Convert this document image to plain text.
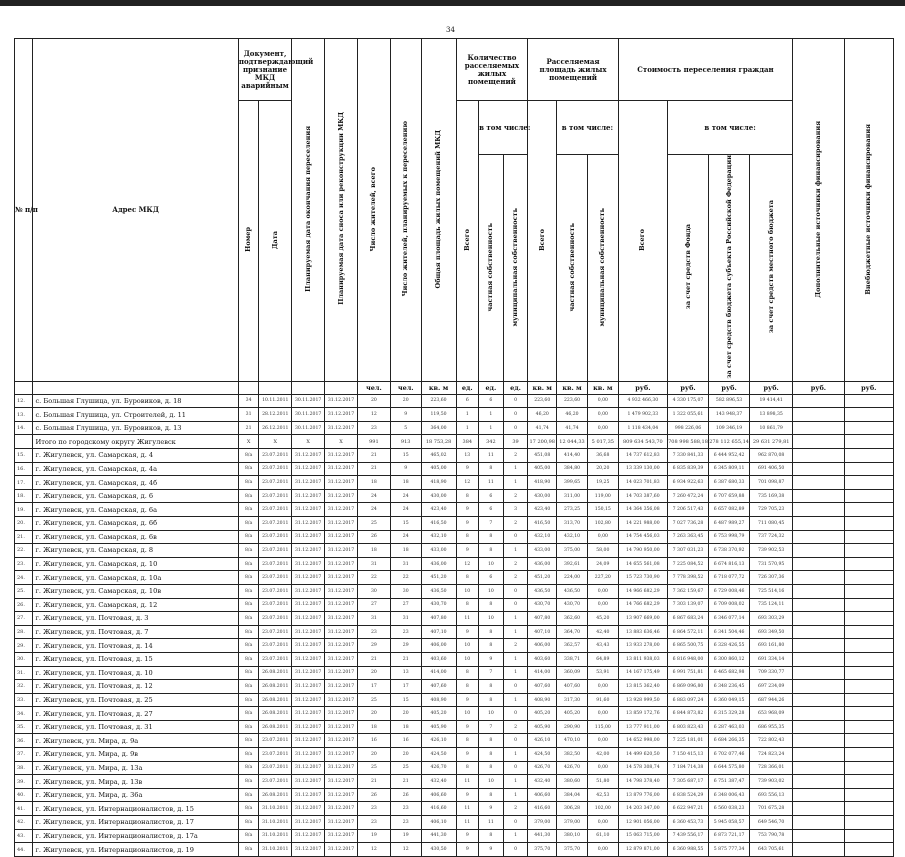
34
№ п/п	Адрес МКД	Документ, подтверждающий признание МКД аварийным		Планируемая дата окончания переселения	Планируемая дата сноса или реконструкции МКД	Число жителей, всего	Число жителей, планируемых к переселению	Общая площадь жилых помещений МКД	Количество расселяемых жилых помещений			Расселяемая площадь жилых помещений			Стоимость переселения граждан				Дополнительные источники финансирования	Внебюджетные источники финансирования
		Номер	Дата						Всего	в том числе:		Всего	в том числе:		Всего	в том числе:				
										частная собственность	муниципальная собственность		частная собственность	муниципальная собственность		за счет средств Фонда	за счет средств бюджета субъекта Российской Федерации	за счет средств местного бюджета		
						чел.	чел.	кв. м	ед.	ед.	ед.	кв. м	кв. м	кв. м	руб.	руб.	руб.	руб.	руб.	руб.
12.	с. Большая Глушица, ул. Буровиков, д. 18	34	10.11.2011	30.11.2017	31.12.2017	20	20	223,60	6	6	0	223,60	223,60	0,00	4 932 466,30	4 330 175,07	582 896,53	19 414,41		
13.	с. Большая Глушица, ул. Строителей, д. 11	31	28.12.2011	30.11.2017	31.12.2017	12	9	119,50	1	1	0	46,20	46,20	0,00	1 479 902,33	1 322 055,61	143 948,37	13 898,35		
14.	с. Большая Глушица, ул. Буровиков, д. 13	21	26.12.2011	30.11.2017	31.12.2017	23	5	364,00	1	1	0	41,74	41,74	0,00	1 118 434,04	998 226,06	109 346,19	10 861,79		
	Итого по городскому округу Жигулевск	X	X	X	X	991	913	18 753,28	384	342	39	17 200,98	12 044,33	5 017,35	809 634 543,70	708 998 588,18	278 112 655,14	29 631 279,81		
15.	г. Жигулевск, ул. Самарская, д. 4	8/a	23.07.2011	31.12.2017	31.12.2017	21	15	465,02	13	11	2	451,08	414,40	36,68	14 737 612,83	7 330 841,33	6 444 952,42	962 870,08		
16.	г. Жигулевск, ул. Самарская, д. 4а	8/a	23.07.2011	31.12.2017	31.12.2017	21	9	405,00	9	8	1	405,00	384,80	20,20	13 339 130,00	6 835 839,39	6 345 809,11	691 406,50		
17.	г. Жигулевск, ул. Самарская, д. 4б	8/a	23.07.2011	31.12.2017	31.12.2017	18	18	418,90	12	11	1	418,90	399,65	19,25	14 023 701,83	6 934 922,63	6 387 680,33	701 098,87		
18.	г. Жигулевск, ул. Самарская, д. 6	8/a	23.07.2011	31.12.2017	31.12.2017	24	24	430,00	8	6	2	430,00	311,00	119,00	14 703 387,60	7 260 472,24	6 707 659,88	735 169,38		
19.	г. Жигулевск, ул. Самарская, д. 6а	8/a	23.07.2011	31.12.2017	31.12.2017	24	24	423,40	9	6	3	423,40	273,25	150,15	14 364 356,08	7 206 517,43	6 657 082,89	729 705,23		
20.	г. Жигулевск, ул. Самарская, д. 6б	8/a	23.07.2011	31.12.2017	31.12.2017	25	15	416,50	9	7	2	416,50	313,70	102,80	14 221 988,00	7 027 736,28	6 487 989,27	711 080,45		
21.	г. Жигулевск, ул. Самарская, д. 6в	8/a	23.07.2011	31.12.2017	31.12.2017	26	24	432,10	8	8	0	432,10	432,10	0,00	14 754 456,03	7 263 363,45	6 753 998,79	737 724,32		
22.	г. Жигулевск, ул. Самарская, д. 8	8/a	23.07.2011	31.12.2017	31.12.2017	18	18	433,00	9	8	1	433,00	375,00	58,00	14 790 950,00	7 307 031,23	6 738 370,92	739 902,53		
23.	г. Жигулевск, ул. Самарская, д. 10	8/a	23.07.2011	31.12.2017	31.12.2017	31	31	436,00	12	10	2	436,00	392,61	24,09	14 655 561,08	7 225 084,52	6 674 816,13	731 570,95		
24.	г. Жигулевск, ул. Самарская, д. 10а	8/a	23.07.2011	31.12.2017	31.12.2017	22	22	451,20	8	6	2	451,20	224,00	227,20	15 723 730,90	7 778 398,52	6 718 077,72	726 307,36		
25.	г. Жигулевск, ул. Самарская, д. 10в	8/a	23.07.2011	31.12.2017	31.12.2017	30	30	436,50	10	10	0	436,50	436,50	0,00	14 966 682,29	7 362 159,67	6 729 008,46	725 514,16		
26.	г. Жигулевск, ул. Самарская, д. 12	8/a	23.07.2011	31.12.2017	31.12.2017	27	27	430,70	8	8	0	430,70	430,70	0,00	14 766 682,29	7 303 139,07	6 709 008,02	735 124,11		
27.	г. Жигулевск, ул. Почтовая, д. 3	8/a	23.07.2011	31.12.2017	31.12.2017	31	31	407,80	11	10	1	407,80	362,60	45,20	13 907 669,00	6 867 683,24	6 346 077,14	693 303,29		
28.	г. Жигулевск, ул. Почтовая, д. 7	8/a	23.07.2011	31.12.2017	31.12.2017	23	23	407,10	9	8	1	407,10	364,70	42,40	13 883 636,46	6 864 572,11	6 341 504,46	693 349,50		
29.	г. Жигулевск, ул. Почтовая, д. 14	8/a	23.07.2011	31.12.2017	31.12.2017	29	29	406,00	10	8	2	406,00	362,57	43,43	13 933 278,00	6 865 500,75	6 328 426,55	693 161,80		
30.	г. Жигулевск, ул. Почтовая, д. 15	8/a	23.07.2011	31.12.2017	31.12.2017	21	21	403,60	10	9	1	403,60	338,71	64,89	13 811 938,03	6 816 948,00	6 300 860,12	691 334,14		
31.	г. Жигулевск, ул. Почтовая, д. 10	8/a	26.08.2011	31.12.2017	31.12.2017	20	13	414,00	8	7	1	414,00	360,09	53,91	14 167 175,49	6 991 751,81	6 465 682,98	709 330,77		
32.	г. Жигулевск, ул. Почтовая, д. 12	8/a	26.08.2011	31.12.2017	31.12.2017	17	17	407,60	8	8	0	407,60	407,60	0,00	13 815 362,40	6 869 096,80	6 348 236,45	697 234,09		
33.	г. Жигулевск, ул. Почтовая, д. 25	8/a	26.08.2011	31.12.2017	31.12.2017	25	15	408,90	9	8	1	408,90	317,30	91,60	13 928 999,50	6 883 097,24	6 360 049,15	687 944,26		
34.	г. Жигулевск, ул. Почтовая, д. 27	8/a	26.08.2011	31.12.2017	31.12.2017	20	20	405,20	10	10	0	405,20	405,20	0,00	13 859 172,76	6 844 873,82	6 315 329,28	653 968,09		
35.	г. Жигулевск, ул. Почтовая, д. 31	8/a	26.08.2011	31.12.2017	31.12.2017	18	18	405,90	9	7	2	405,90	290,90	115,00	13 777 911,00	6 803 823,43	6 287 463,03	686 955,35		
36.	г. Жигулевск, ул. Мира, д. 9а	8/a	23.07.2011	31.12.2017	31.12.2017	16	16	426,10	8	8	0	426,10	470,10	0,00	14 652 998,00	7 225 181,01	6 684 266,35	722 802,43		
37.	г. Жигулевск, ул. Мира, д. 9в	8/a	23.07.2011	31.12.2017	31.12.2017	20	20	424,50	9	8	1	424,50	382,50	42,00	14 499 620,50	7 150 415,13	6 702 077,46	724 823,24		
38.	г. Жигулевск, ул. Мира, д. 13а	8/a	23.07.2011	31.12.2017	31.12.2017	25	25	426,70	8	8	0	426,70	426,70	0,00	14 578 308,74	7 184 714,38	6 644 575,80	728 366,01		
39.	г. Жигулевск, ул. Мира, д. 13в	8/a	23.07.2011	31.12.2017	31.12.2017	21	21	432,40	11	10	1	432,40	380,60	51,80	14 798 378,40	7 305 687,17	6 751 387,47	739 903,02		
40.	г. Жигулевск, ул. Мира, д. 36а	8/a	26.08.2011	31.12.2017	31.12.2017	26	26	406,60	9	8	1	406,60	384,04	42,53	13 879 776,00	6 838 524,29	6 348 006,43	693 556,13		
41.	г. Жигулевск, ул. Интернационалистов, д. 15	8/a	31.10.2011	31.12.2017	31.12.2017	23	23	416,60	11	9	2	416,60	306,28	102,00	14 203 347,00	6 622 947,21	6 560 038,23	701 675,28		
42.	г. Жигулевск, ул. Интернационалистов, д. 17	8/a	31.10.2011	31.12.2017	31.12.2017	23	23	406,10	11	11	0	379,00	379,00	0,00	12 901 056,00	6 360 453,73	5 945 058,57	649 546,70		
43.	г. Жигулевск, ул. Интернационалистов, д. 17а	8/a	31.10.2011	31.12.2017	31.12.2017	19	19	441,30	9	8	1	441,30	380,10	61,10	15 063 715,00	7 439 556,17	6 873 721,17	753 790,78		
44.	г. Жигулевск, ул. Интернационалистов, д. 19	8/a	31.10.2011	31.12.2017	31.12.2017	12	12	430,50	9	9	0	375,70	375,70	0,00	12 879 871,00	6 360 988,55	5 875 777,34	643 705,61		
